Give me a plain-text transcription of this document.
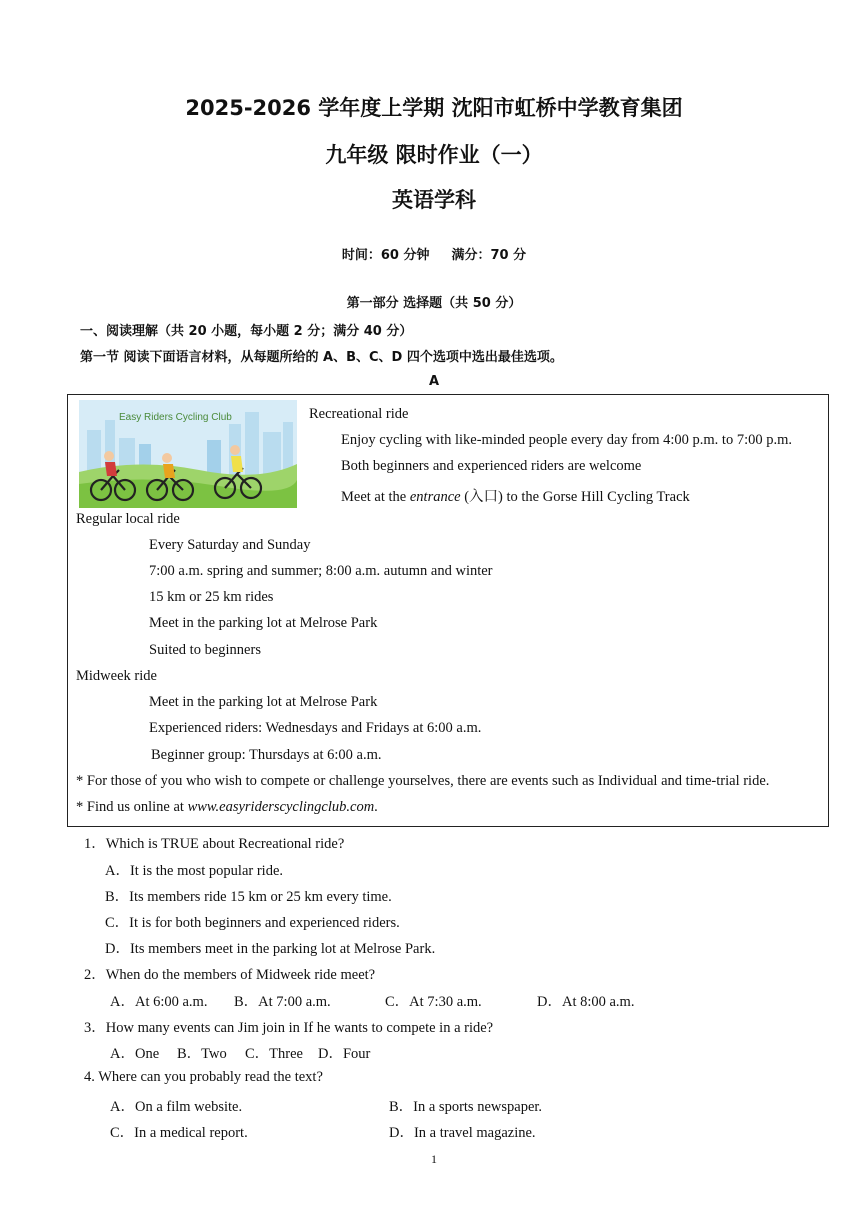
2025-2026 学年度上学期 沈阳市虹桥中学教育集团
九年级 限时作业（一）
英语学科
时间：60 分钟 满分：70 分
第一部分 选择题（共 50 分）
一、阅读理解（共 20 小题，每小题 2 分；满分 40 分）
第一节 阅读下面语言材料，从每题所给的 A、B、C、D 四个选项中选出最佳选项。
A
Easy Riders Cycling Club	Recreational ride
Enjoy cycling with like-minded people every day from 4:00 p.m. to 7:00 p.m.
Both beginners and experienced riders are welcome
Meet at the entrance (入口) to the Gorse Hill Cycling Track
Regular local ride
Every Saturday and Sunday
7:00 a.m. spring and summer; 8:00 a.m. autumn and winter
15 km or 25 km rides
Meet in the parking lot at Melrose Park
Suited to beginners
Midweek ride
Meet in the parking lot at Melrose Park
Experienced riders: Wednesdays and Fridays at 6:00 a.m.
Beginner group: Thursdays at 6:00 a.m.
* For those of you who wish to compete or challenge yourselves, there are events such as Individual and time-trial ride.
* Find us online at www.easyriderscyclingclub.com.
1．Which is TRUE about Recreational ride?
A．It is the most popular ride.
B．Its members ride 15 km or 25 km every time.
C．It is for both beginners and experienced riders.
D．Its members meet in the parking lot at Melrose Park.
2．When do the members of Midweek ride meet?
A．At 6:00 a.m. B．At 7:00 a.m.	C．At 7:30 a.m.	D．At 8:00 a.m.
3．How many events can Jim join in If he wants to compete in a ride?
A．One B．Two C．Three D．Four
4. Where can you probably read the text?
A．On a film website.	B．In a sports newspaper.
C．In a medical report.	D．In a travel magazine.
1
